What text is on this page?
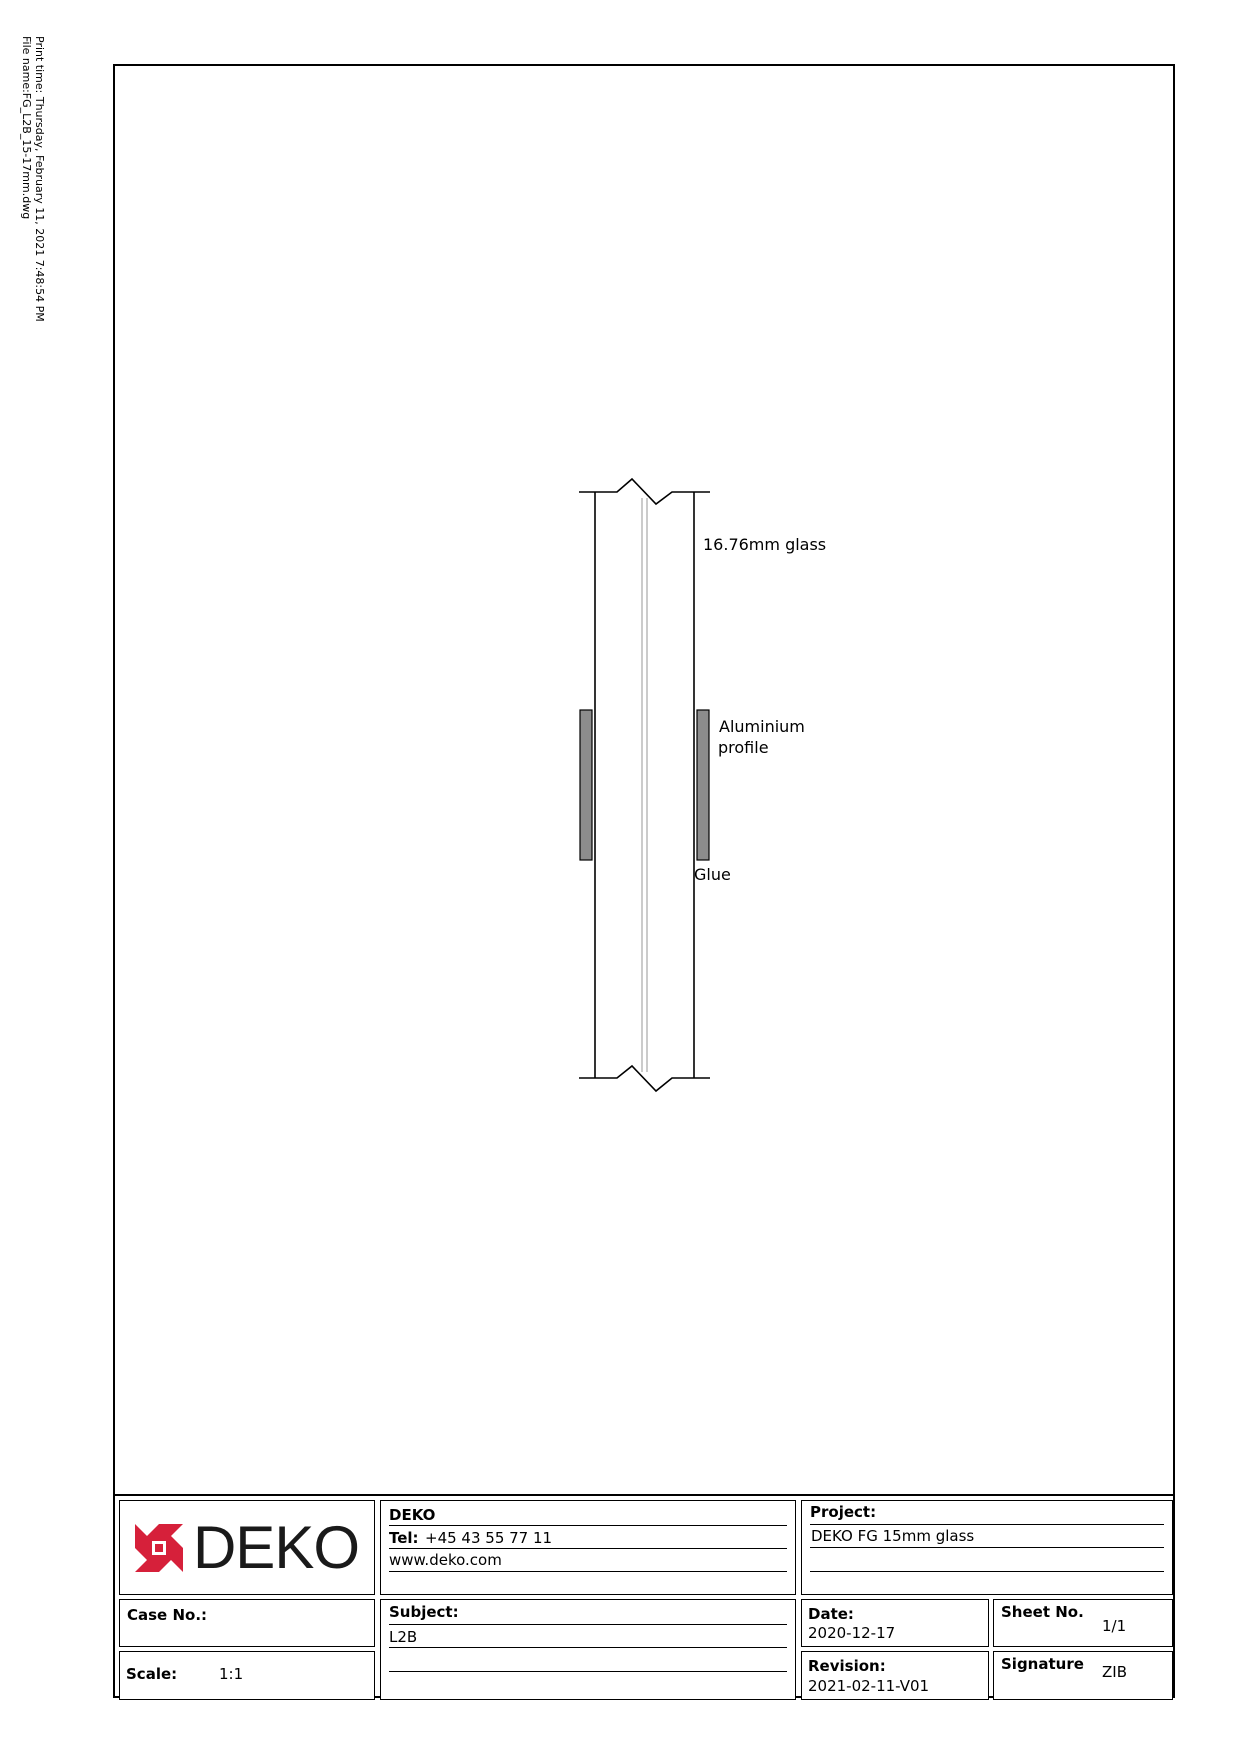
Print time: Thursday, February 11, 2021 7:48:54 PM
File name:FG_L2B_15-17mm.dwg
16.76mm glass
Aluminium
profile
Glue
DEKO DEKO
Tel: +45 43 55 77 11
www.deko.com
Project:
DEKO FG 15mm glass
Case No.:	Subject:
L2B
Date:
2020-12-17
Sheet No.
1/1
Scale:	1:1	Revision:
2021-02-11-V01
Signature ZIB
